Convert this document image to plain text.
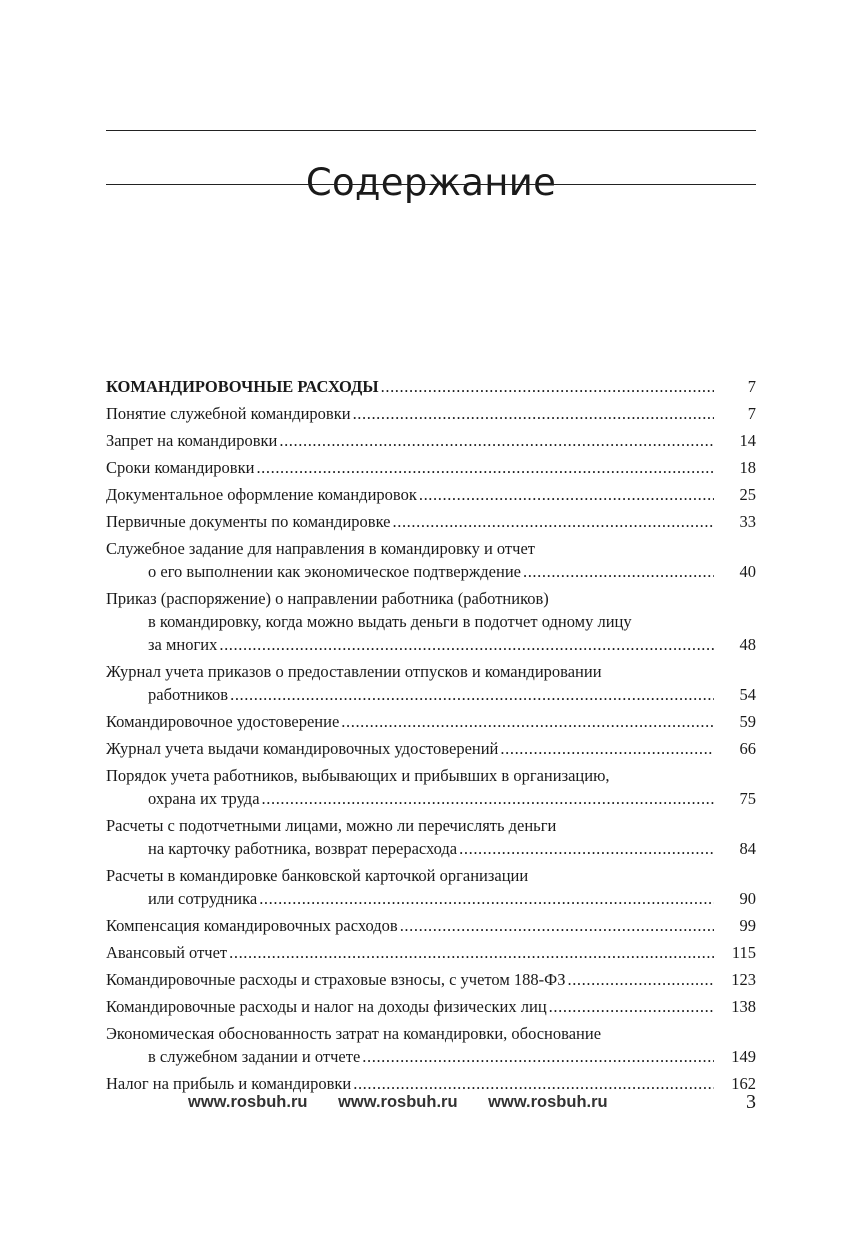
Содержание
КОМАНДИРОВОЧНЫЕ РАСХОДЫ .....	7
Понятие служебной командировки .....	7
Запрет на командировки .....	14
Сроки командировки .....	18
Документальное оформление командировок .....	25
Первичные документы по командировке .....	33
Служебное задание для направления в командировку и отчет
о его выполнении как экономическое подтверждение .....	40
Приказ (распоряжение) о направлении работника (работников)
в командировку, когда можно выдать деньги в подотчет одному лицу
за многих .....	48
Журнал учета приказов о предоставлении отпусков и командировании
работников .....	54
Командировочное удостоверение .....	59
Журнал учета выдачи командировочных удостоверений .....	66
Порядок учета работников, выбывающих и прибывших в организацию,
охрана их труда .....	75
Расчеты с подотчетными лицами, можно ли перечислять деньги
на карточку работника, возврат перерасхода .....	84
Расчеты в командировке банковской карточкой организации
или сотрудника .....	90
Компенсация командировочных расходов .....	99
Авансовый отчет .....	115
Командировочные расходы и страховые взносы, с учетом 188-ФЗ .....	123
Командировочные расходы и налог на доходы физических лиц .....	138
Экономическая обоснованность затрат на командировки, обоснование
в служебном задании и отчете .....	149
Налог на прибыль и командировки .....	162
www.rosbuh.ru www.rosbuh.ru www.rosbuh.ru	3
